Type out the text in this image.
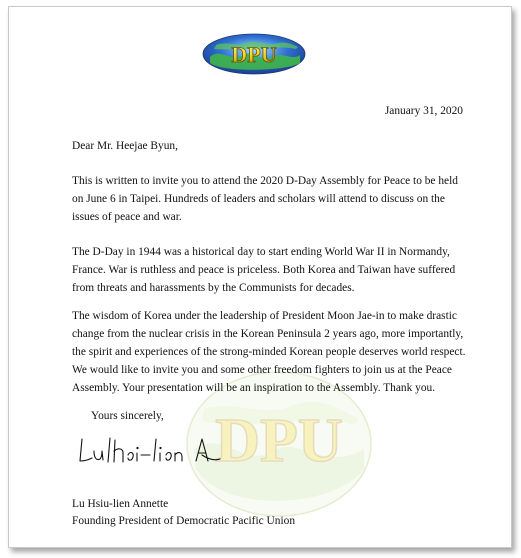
DPU
DPU
January 31, 2020
Dear Mr. Heejae Byun,

This is written to invite you to attend the 2020 D-Day Assembly for Peace to be held on June 6 in Taipei. Hundreds of leaders and scholars will attend to discuss on the issues of peace and war.

The D-Day in 1944 was a historical day to start ending World War II in Normandy, France. War is ruthless and peace is priceless. Both Korea and Taiwan have suffered from threats and harassments by the Communists for decades.

The wisdom of Korea under the leadership of President Moon Jae-in to make drastic change from the nuclear crisis in the Korean Peninsula 2 years ago, more importantly, the spirit and experiences of the strong-minded Korean people deserves world respect. We would like to invite you and some other freedom fighters to join us at the Peace Assembly. Your presentation will be an inspiration to the Assembly. Thank you.

Yours sincerely,
Lu Hsiu-lien A
Lu Hsiu-lien Annette
Founding President of Democratic Pacific Union
